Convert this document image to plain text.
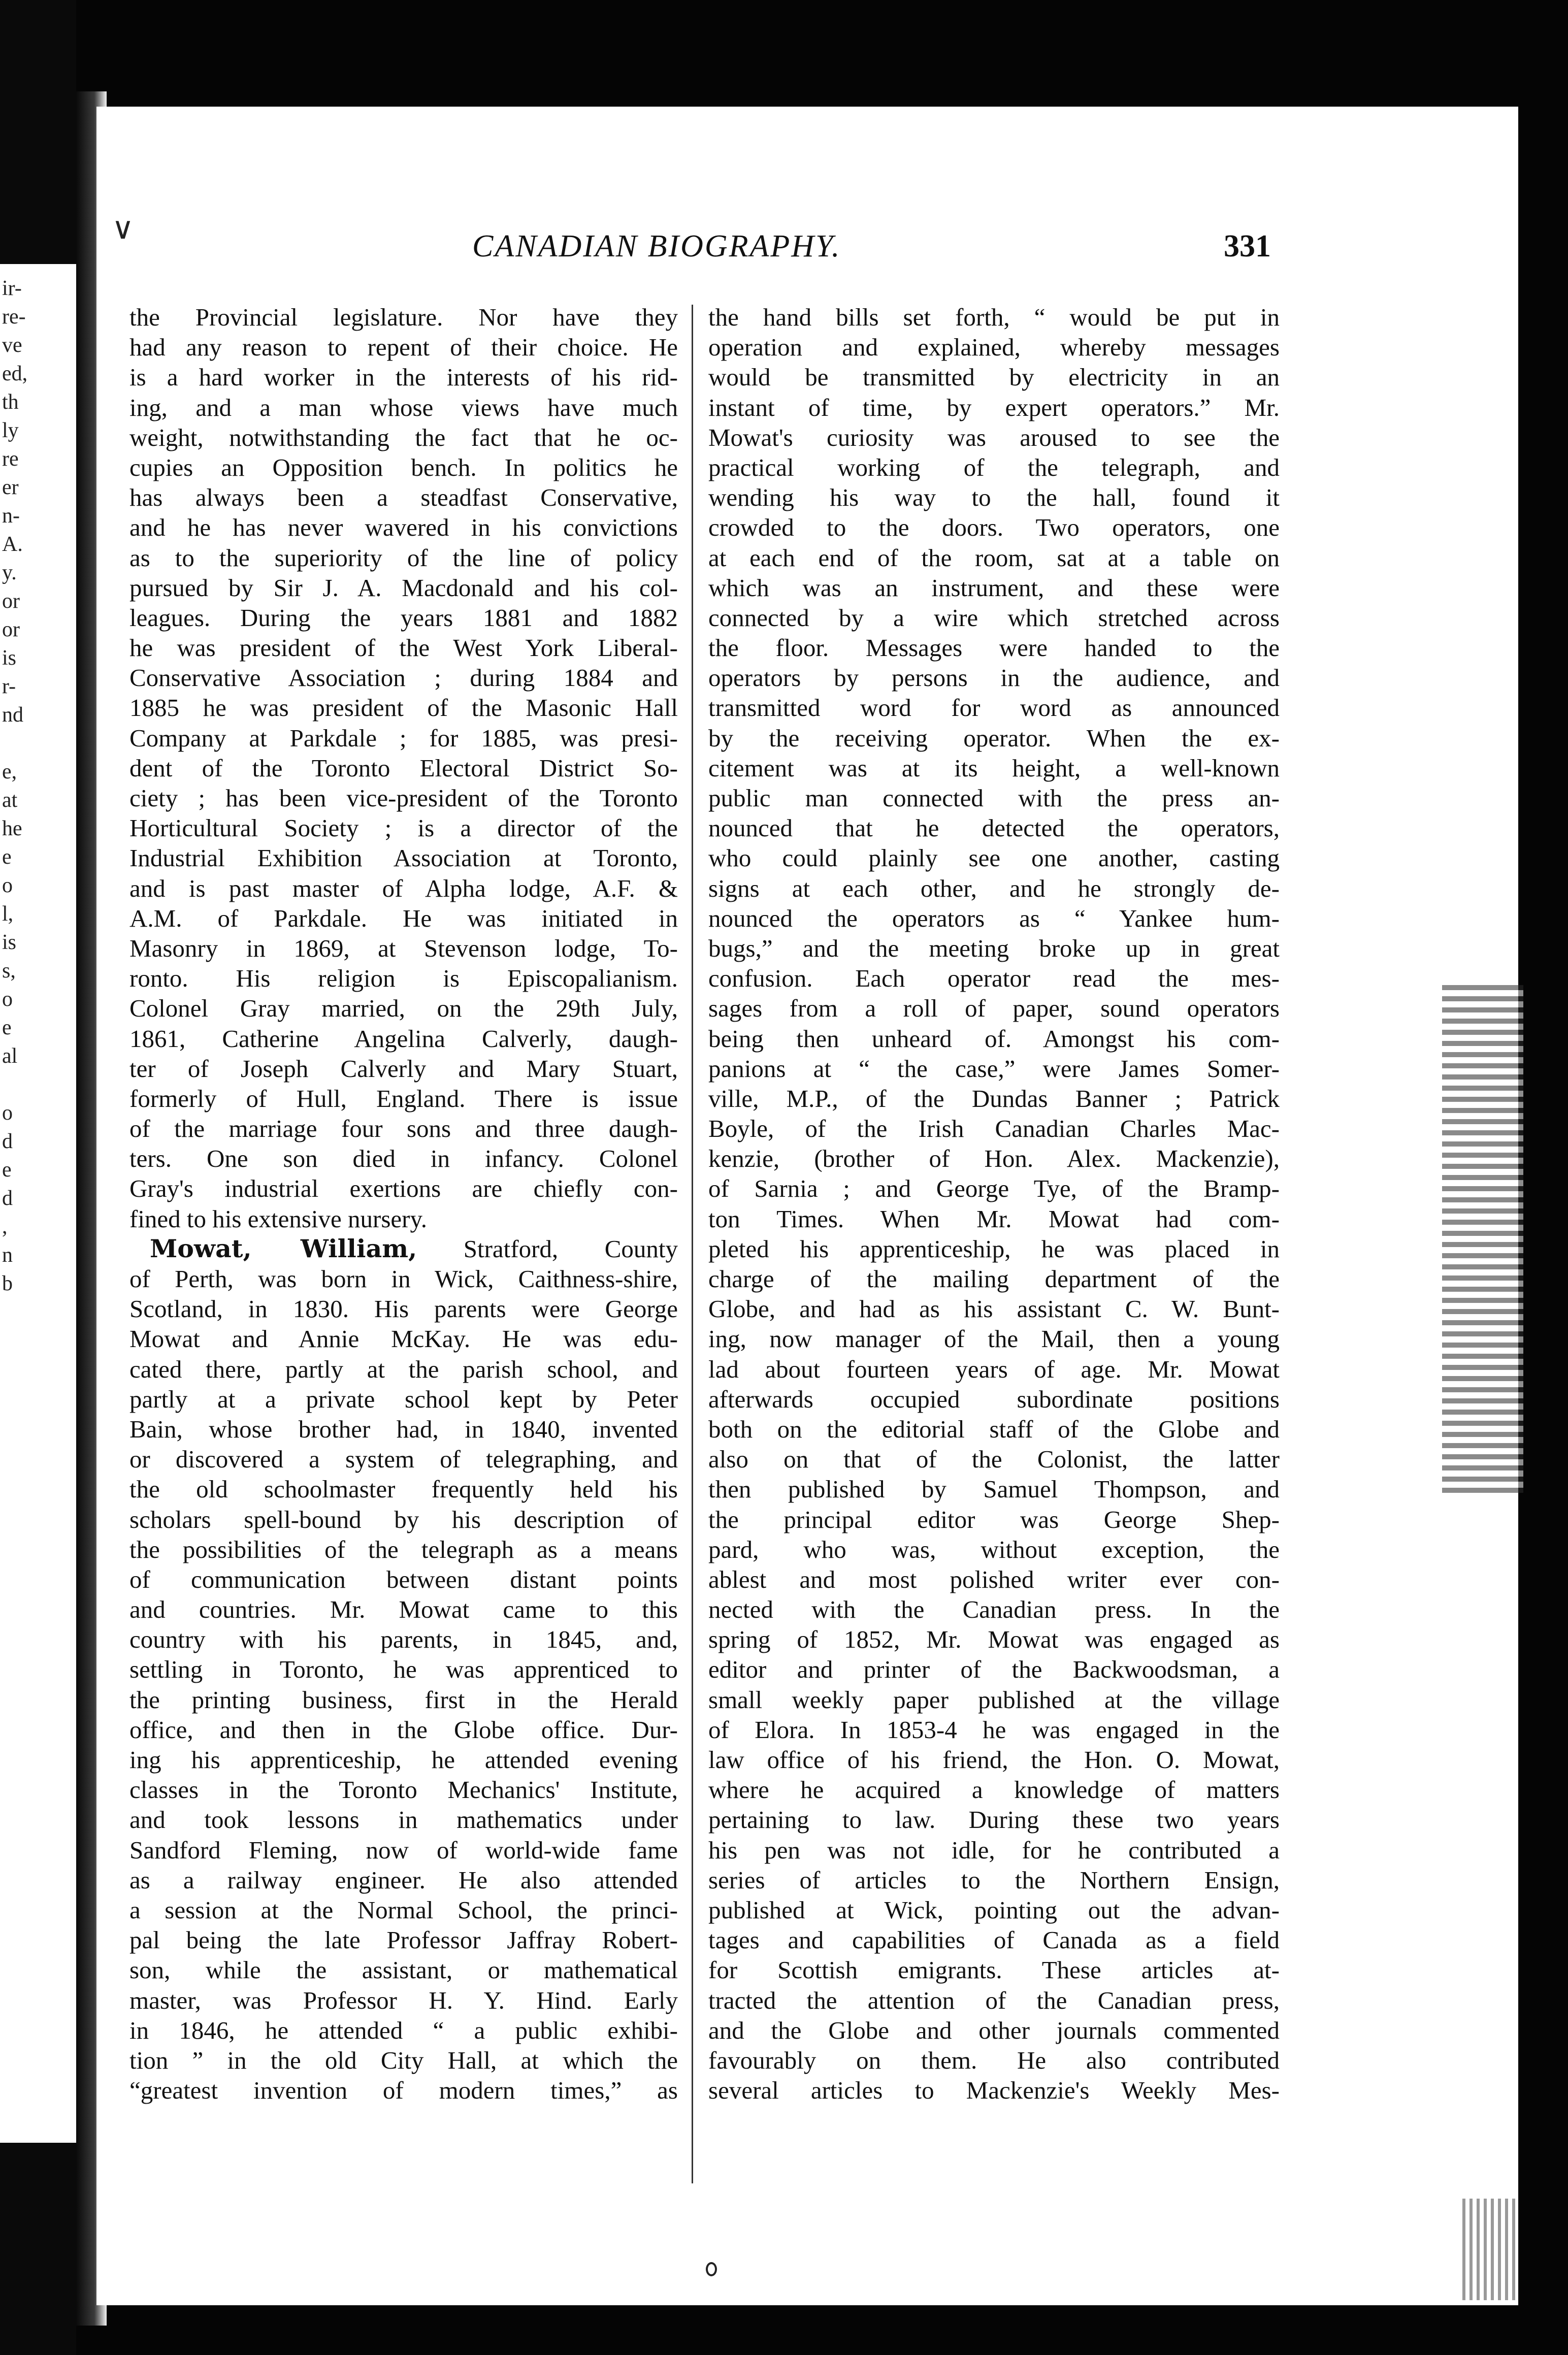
ir-
re-
ve
ed,
th
ly
re
er
n-
A.
y.
or
or
is
r-
nd
e,
at
he
e
o
l,
is
s,
o
e
al
o
d
e
d
,
n
b
∨	CANADIAN BIOGRAPHY.	331
the Provincial legislature. Nor have they
had any reason to repent of their choice. He
is a hard worker in the interests of his rid-
ing, and a man whose views have much
weight, notwithstanding the fact that he oc-
cupies an Opposition bench. In politics he
has always been a steadfast Conservative,
and he has never wavered in his convictions
as to the superiority of the line of policy
pursued by Sir J. A. Macdonald and his col-
leagues. During the years 1881 and 1882
he was president of the West York Liberal-
Conservative Association ; during 1884 and
1885 he was president of the Masonic Hall
Company at Parkdale ; for 1885, was presi-
dent of the Toronto Electoral District So-
ciety ; has been vice-president of the Toronto
Horticultural Society ; is a director of the
Industrial Exhibition Association at Toronto,
and is past master of Alpha lodge, A.F. &
A.M. of Parkdale. He was initiated in
Masonry in 1869, at Stevenson lodge, To-
ronto. His religion is Episcopalianism.
Colonel Gray married, on the 29th July,
1861, Catherine Angelina Calverly, daugh-
ter of Joseph Calverly and Mary Stuart,
formerly of Hull, England. There is issue
of the marriage four sons and three daugh-
ters. One son died in infancy. Colonel
Gray's industrial exertions are chiefly con-
fined to his extensive nursery.
Mowat, William, Stratford, County
of Perth, was born in Wick, Caithness-shire,
Scotland, in 1830. His parents were George
Mowat and Annie McKay. He was edu-
cated there, partly at the parish school, and
partly at a private school kept by Peter
Bain, whose brother had, in 1840, invented
or discovered a system of telegraphing, and
the old schoolmaster frequently held his
scholars spell-bound by his description of
the possibilities of the telegraph as a means
of communication between distant points
and countries. Mr. Mowat came to this
country with his parents, in 1845, and,
settling in Toronto, he was apprenticed to
the printing business, first in the Herald
office, and then in the Globe office. Dur-
ing his apprenticeship, he attended evening
classes in the Toronto Mechanics' Institute,
and took lessons in mathematics under
Sandford Fleming, now of world-wide fame
as a railway engineer. He also attended
a session at the Normal School, the princi-
pal being the late Professor Jaffray Robert-
son, while the assistant, or mathematical
master, was Professor H. Y. Hind. Early
in 1846, he attended “ a public exhibi-
tion ” in the old City Hall, at which the
“greatest invention of modern times,” as
the hand bills set forth, “ would be put in
operation and explained, whereby messages
would be transmitted by electricity in an
instant of time, by expert operators.” Mr.
Mowat's curiosity was aroused to see the
practical working of the telegraph, and
wending his way to the hall, found it
crowded to the doors. Two operators, one
at each end of the room, sat at a table on
which was an instrument, and these were
connected by a wire which stretched across
the floor. Messages were handed to the
operators by persons in the audience, and
transmitted word for word as announced
by the receiving operator. When the ex-
citement was at its height, a well-known
public man connected with the press an-
nounced that he detected the operators,
who could plainly see one another, casting
signs at each other, and he strongly de-
nounced the operators as “ Yankee hum-
bugs,” and the meeting broke up in great
confusion. Each operator read the mes-
sages from a roll of paper, sound operators
being then unheard of. Amongst his com-
panions at “ the case,” were James Somer-
ville, M.P., of the Dundas Banner ; Patrick
Boyle, of the Irish Canadian Charles Mac-
kenzie, (brother of Hon. Alex. Mackenzie),
of Sarnia ; and George Tye, of the Bramp-
ton Times. When Mr. Mowat had com-
pleted his apprenticeship, he was placed in
charge of the mailing department of the
Globe, and had as his assistant C. W. Bunt-
ing, now manager of the Mail, then a young
lad about fourteen years of age. Mr. Mowat
afterwards occupied subordinate positions
both on the editorial staff of the Globe and
also on that of the Colonist, the latter
then published by Samuel Thompson, and
the principal editor was George Shep-
pard, who was, without exception, the
ablest and most polished writer ever con-
nected with the Canadian press. In the
spring of 1852, Mr. Mowat was engaged as
editor and printer of the Backwoodsman, a
small weekly paper published at the village
of Elora. In 1853-4 he was engaged in the
law office of his friend, the Hon. O. Mowat,
where he acquired a knowledge of matters
pertaining to law. During these two years
his pen was not idle, for he contributed a
series of articles to the Northern Ensign,
published at Wick, pointing out the advan-
tages and capabilities of Canada as a field
for Scottish emigrants. These articles at-
tracted the attention of the Canadian press,
and the Globe and other journals commented
favourably on them. He also contributed
several articles to Mackenzie's Weekly Mes-
